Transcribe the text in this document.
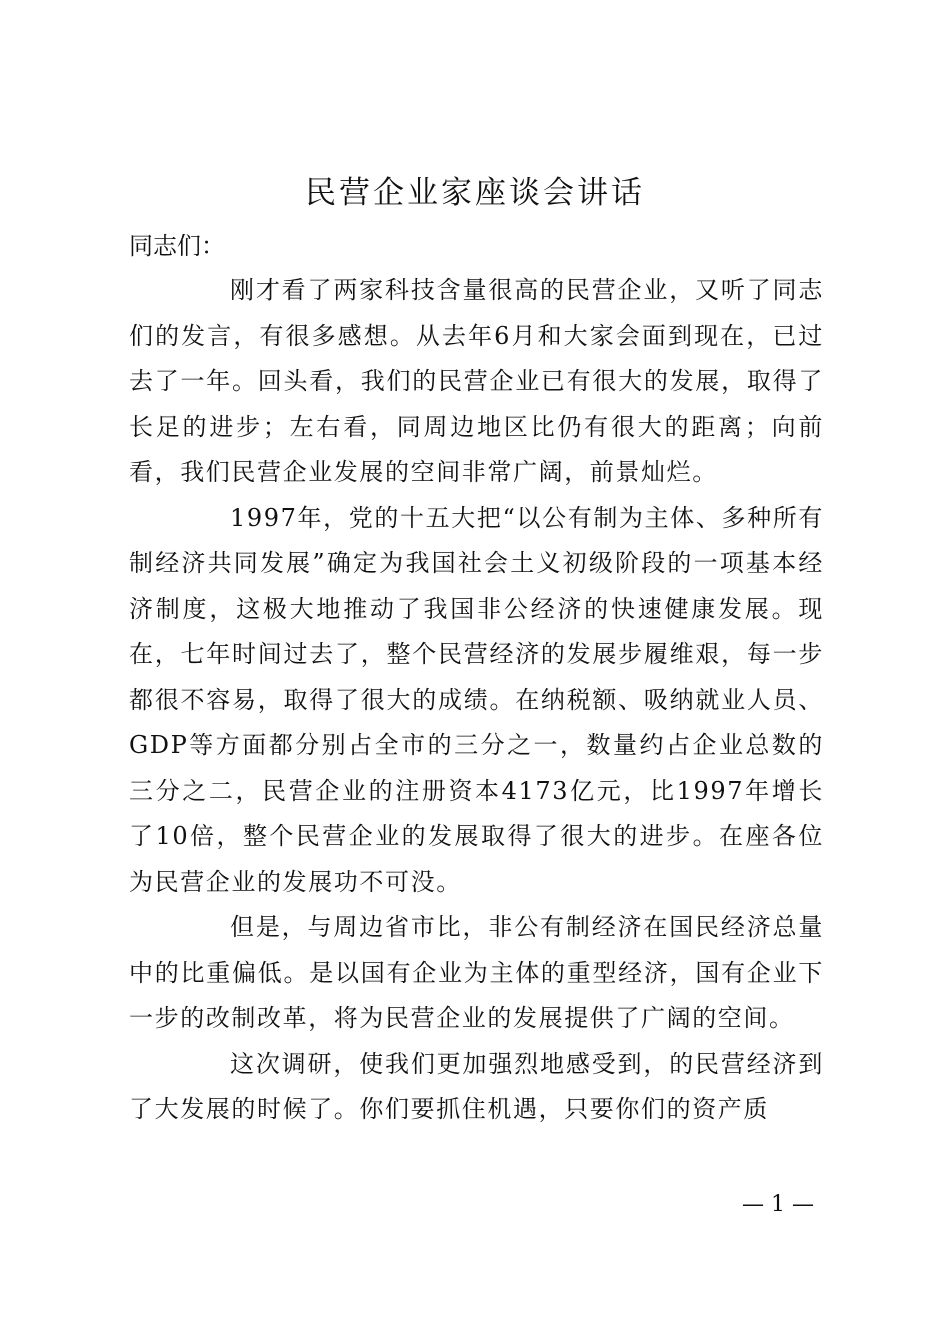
民营企业家座谈会讲话

同志们：

刚才看了两家科技含量很高的民营企业，又听了同志们的发言，有很多感想。从去年6月和大家会面到现在，已过去了一年。回头看，我们的民营企业已有很大的发展，取得了长足的进步；左右看，同周边地区比仍有很大的距离；向前看，我们民营企业发展的空间非常广阔，前景灿烂。

1997年，党的十五大把“以公有制为主体、多种所有制经济共同发展”确定为我国社会土义初级阶段的一项基本经济制度，这极大地推动了我国非公经济的快速健康发展。现在，七年时间过去了，整个民营经济的发展步履维艰，每一步都很不容易，取得了很大的成绩。在纳税额、吸纳就业人员、GDP等方面都分别占全市的三分之一，数量约占企业总数的三分之二，民营企业的注册资本4173亿元，比1997年增长了10倍，整个民营企业的发展取得了很大的进步。在座各位为民营企业的发展功不可没。

但是，与周边省市比，非公有制经济在国民经济总量中的比重偏低。是以国有企业为主体的重型经济，国有企业下一步的改制改革，将为民营企业的发展提供了广阔的空间。

这次调研，使我们更加强烈地感受到，的民营经济到了大发展的时候了。你们要抓住机遇，只要你们的资产质

— 1 —
